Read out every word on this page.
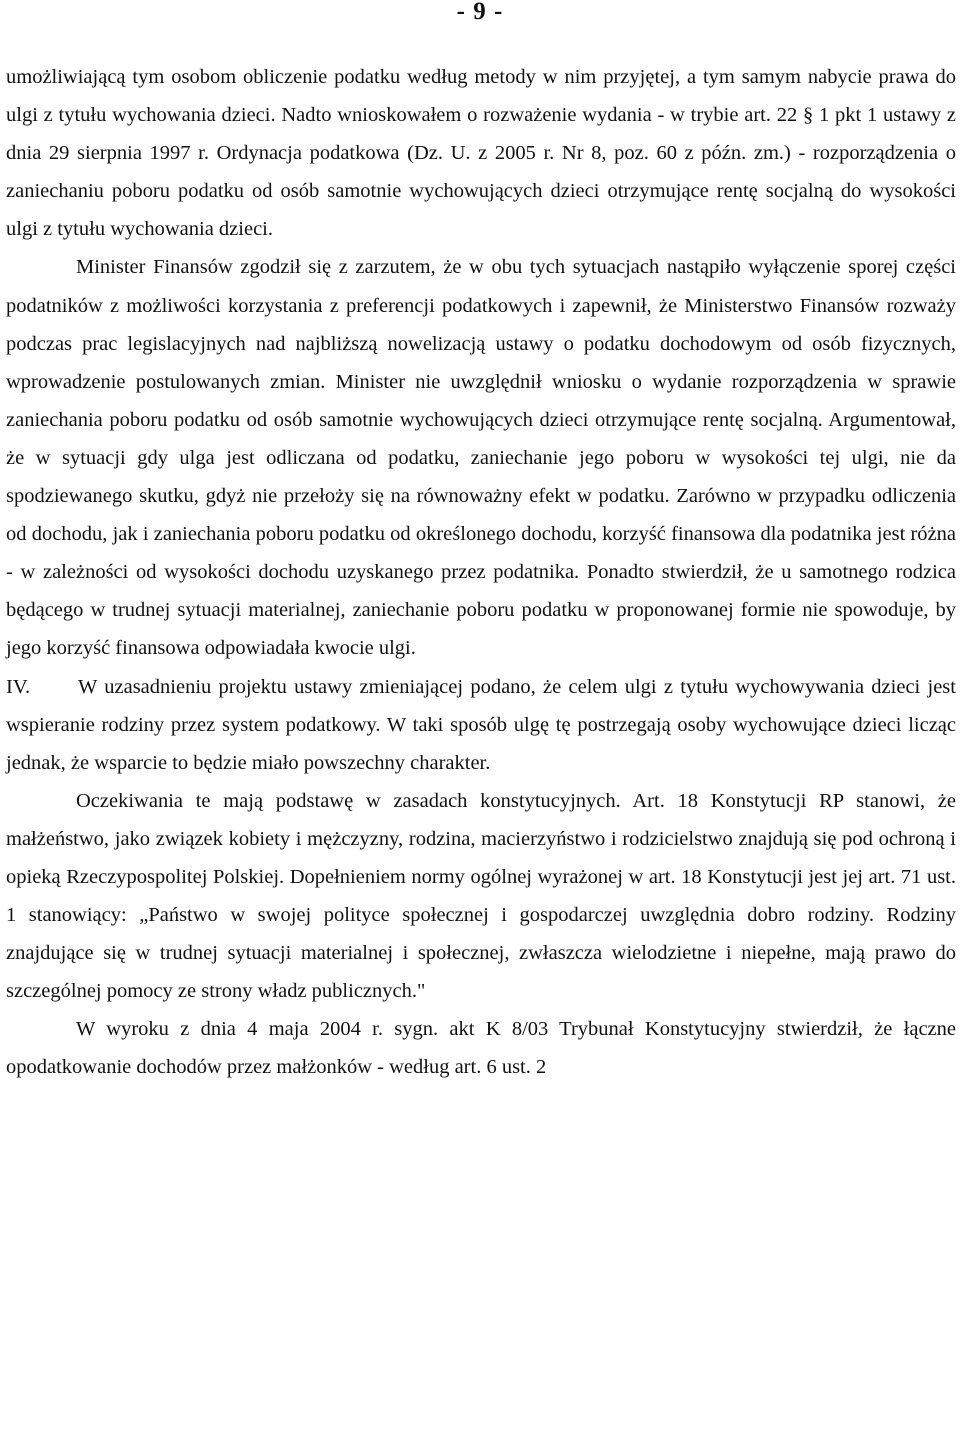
- 9 -

umożliwiającą tym osobom obliczenie podatku według metody w nim przyjętej, a tym samym nabycie prawa do ulgi z tytułu wychowania dzieci. Nadto wnioskowałem o rozważenie wydania - w trybie art. 22 § 1 pkt 1 ustawy z dnia 29 sierpnia 1997 r. Ordynacja podatkowa (Dz. U. z 2005 r. Nr 8, poz. 60 z późn. zm.) - rozporządzenia o zaniechaniu poboru podatku od osób samotnie wychowujących dzieci otrzymujące rentę socjalną do wysokości ulgi z tytułu wychowania dzieci.

Minister Finansów zgodził się z zarzutem, że w obu tych sytuacjach nastąpiło wyłączenie sporej części podatników z możliwości korzystania z preferencji podatkowych i zapewnił, że Ministerstwo Finansów rozważy podczas prac legislacyjnych nad najbliższą nowelizacją ustawy o podatku dochodowym od osób fizycznych, wprowadzenie postulowanych zmian. Minister nie uwzględnił wniosku o wydanie rozporządzenia w sprawie zaniechania poboru podatku od osób samotnie wychowujących dzieci otrzymujące rentę socjalną. Argumentował, że w sytuacji gdy ulga jest odliczana od podatku, zaniechanie jego poboru w wysokości tej ulgi, nie da spodziewanego skutku, gdyż nie przełoży się na równoważny efekt w podatku. Zarówno w przypadku odliczenia od dochodu, jak i zaniechania poboru podatku od określonego dochodu, korzyść finansowa dla podatnika jest różna - w zależności od wysokości dochodu uzyskanego przez podatnika. Ponadto stwierdził, że u samotnego rodzica będącego w trudnej sytuacji materialnej, zaniechanie poboru podatku w proponowanej formie nie spowoduje, by jego korzyść finansowa odpowiadała kwocie ulgi.

IV. W uzasadnieniu projektu ustawy zmieniającej podano, że celem ulgi z tytułu wychowywania dzieci jest wspieranie rodziny przez system podatkowy. W taki sposób ulgę tę postrzegają osoby wychowujące dzieci licząc jednak, że wsparcie to będzie miało powszechny charakter.

Oczekiwania te mają podstawę w zasadach konstytucyjnych. Art. 18 Konstytucji RP stanowi, że małżeństwo, jako związek kobiety i mężczyzny, rodzina, macierzyństwo i rodzicielstwo znajdują się pod ochroną i opieką Rzeczypospolitej Polskiej. Dopełnieniem normy ogólnej wyrażonej w art. 18 Konstytucji jest jej art. 71 ust. 1 stanowiący: „Państwo w swojej polityce społecznej i gospodarczej uwzględnia dobro rodziny. Rodziny znajdujące się w trudnej sytuacji materialnej i społecznej, zwłaszcza wielodzietne i niepełne, mają prawo do szczególnej pomocy ze strony władz publicznych."

W wyroku z dnia 4 maja 2004 r. sygn. akt K 8/03 Trybunał Konstytucyjny stwierdził, że łączne opodatkowanie dochodów przez małżonków - według art. 6 ust. 2
